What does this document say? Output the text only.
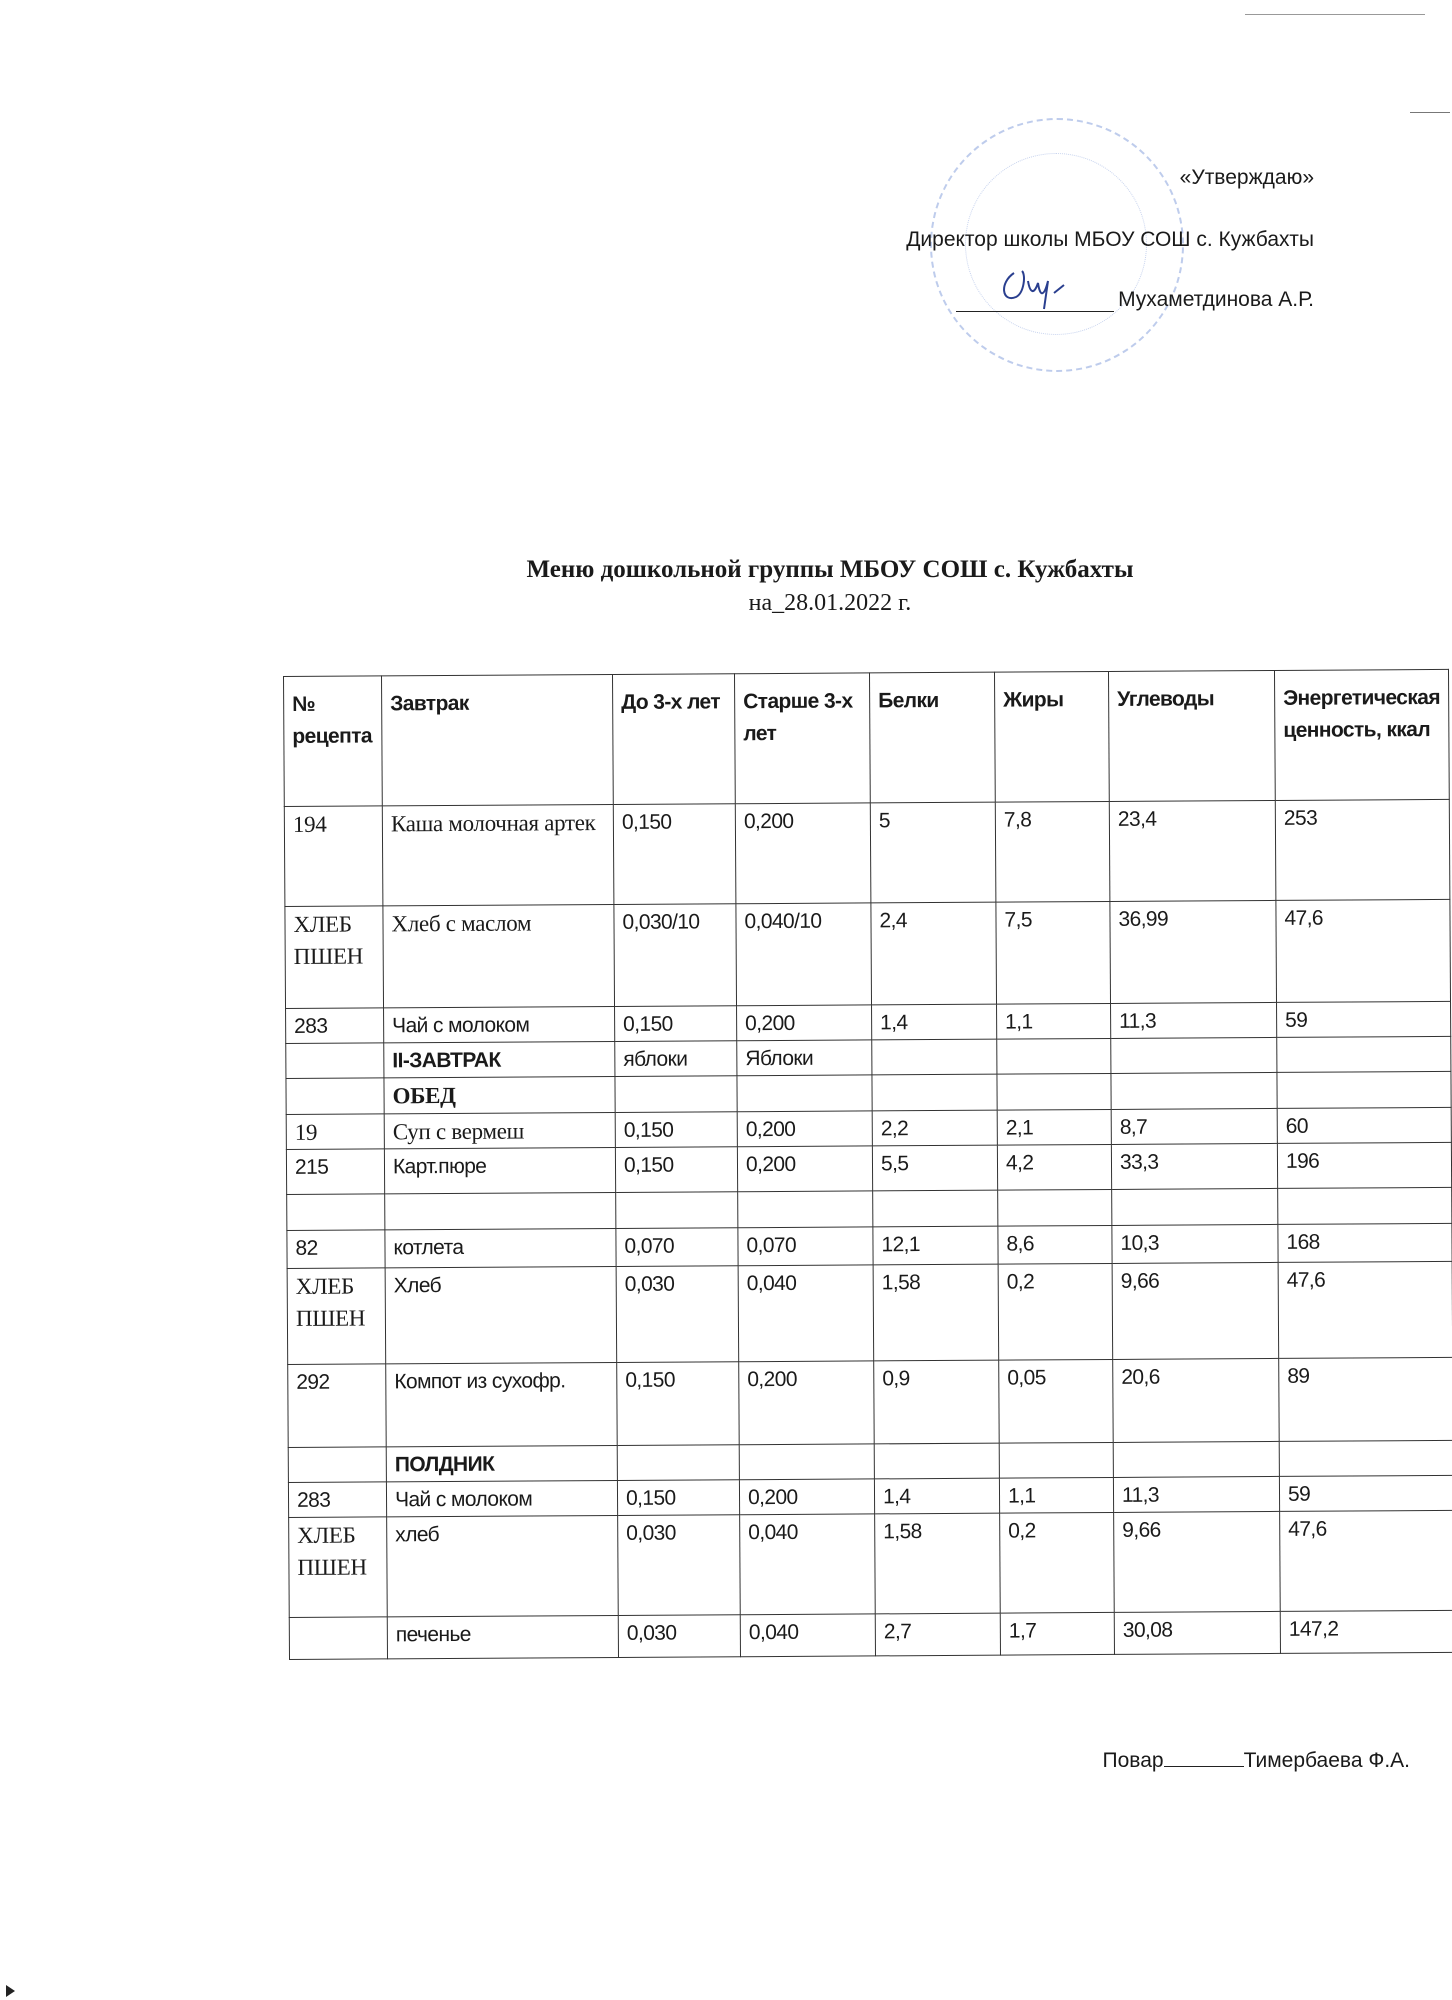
«Утверждаю»
Директор школы МБОУ СОШ с. Кужбахты
Мухаметдинова А.Р.
Меню дошкольной группы МБОУ СОШ с. Кужбахты
на_28.01.2022 г.
№ рецепта	Завтрак	До 3-х лет	Старше 3-х лет	Белки	Жиры	Углеводы	Энергетическая ценность, ккал
194	Каша молочная артек	0,150	0,200	5	7,8	23,4	253
ХЛЕБ ПШЕН	Хлеб с маслом	0,030/10	0,040/10	2,4	7,5	36,99	47,6
283	Чай с молоком	0,150	0,200	1,4	1,1	11,3	59
	II-ЗАВТРАК	яблоки	Яблоки				
	ОБЕД						
19	Суп с вермеш	0,150	0,200	2,2	2,1	8,7	60
215	Карт.пюре	0,150	0,200	5,5	4,2	33,3	196

82	котлета	0,070	0,070	12,1	8,6	10,3	168
ХЛЕБ ПШЕН	Хлеб	0,030	0,040	1,58	0,2	9,66	47,6
292	Компот из сухофр.	0,150	0,200	0,9	0,05	20,6	89
	ПОЛДНИК						
283	Чай с молоком	0,150	0,200	1,4	1,1	11,3	59
ХЛЕБ ПШЕН	хлеб	0,030	0,040	1,58	0,2	9,66	47,6
	печенье	0,030	0,040	2,7	1,7	30,08	147,2
Повар	Тимербаева Ф.А.
